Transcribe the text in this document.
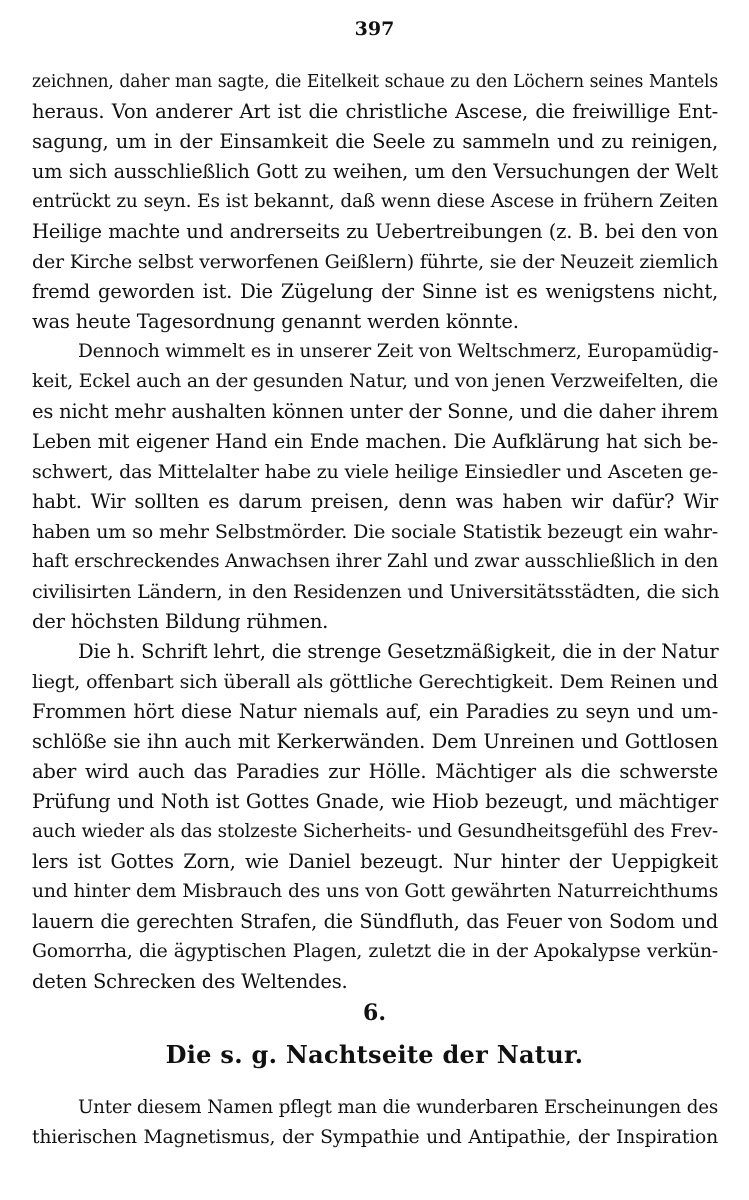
397
zeichnen, daher man sagte, die Eitelkeit schaue zu den Löchern seines Mantels
heraus. Von anderer Art ist die christliche Ascese, die freiwillige Ent-
sagung, um in der Einsamkeit die Seele zu sammeln und zu reinigen,
um sich ausschließlich Gott zu weihen, um den Versuchungen der Welt
entrückt zu seyn. Es ist bekannt, daß wenn diese Ascese in frühern Zeiten
Heilige machte und andrerseits zu Uebertreibungen (z. B. bei den von
der Kirche selbst verworfenen Geißlern) führte, sie der Neuzeit ziemlich
fremd geworden ist. Die Zügelung der Sinne ist es wenigstens nicht,
was heute Tagesordnung genannt werden könnte.
Dennoch wimmelt es in unserer Zeit von Weltschmerz, Europamüdig-
keit, Eckel auch an der gesunden Natur, und von jenen Verzweifelten, die
es nicht mehr aushalten können unter der Sonne, und die daher ihrem
Leben mit eigener Hand ein Ende machen. Die Aufklärung hat sich be-
schwert, das Mittelalter habe zu viele heilige Einsiedler und Asceten ge-
habt. Wir sollten es darum preisen, denn was haben wir dafür? Wir
haben um so mehr Selbstmörder. Die sociale Statistik bezeugt ein wahr-
haft erschreckendes Anwachsen ihrer Zahl und zwar ausschließlich in den
civilisirten Ländern, in den Residenzen und Universitätsstädten, die sich
der höchsten Bildung rühmen.
Die h. Schrift lehrt, die strenge Gesetzmäßigkeit, die in der Natur
liegt, offenbart sich überall als göttliche Gerechtigkeit. Dem Reinen und
Frommen hört diese Natur niemals auf, ein Paradies zu seyn und um-
schlöße sie ihn auch mit Kerkerwänden. Dem Unreinen und Gottlosen
aber wird auch das Paradies zur Hölle. Mächtiger als die schwerste
Prüfung und Noth ist Gottes Gnade, wie Hiob bezeugt, und mächtiger
auch wieder als das stolzeste Sicherheits- und Gesundheitsgefühl des Frev-
lers ist Gottes Zorn, wie Daniel bezeugt. Nur hinter der Ueppigkeit
und hinter dem Misbrauch des uns von Gott gewährten Naturreichthums
lauern die gerechten Strafen, die Sündfluth, das Feuer von Sodom und
Gomorrha, die ägyptischen Plagen, zuletzt die in der Apokalypse verkün-
deten Schrecken des Weltendes.
6.
Die s. g. Nachtseite der Natur.
Unter diesem Namen pflegt man die wunderbaren Erscheinungen des
thierischen Magnetismus, der Sympathie und Antipathie, der Inspiration
